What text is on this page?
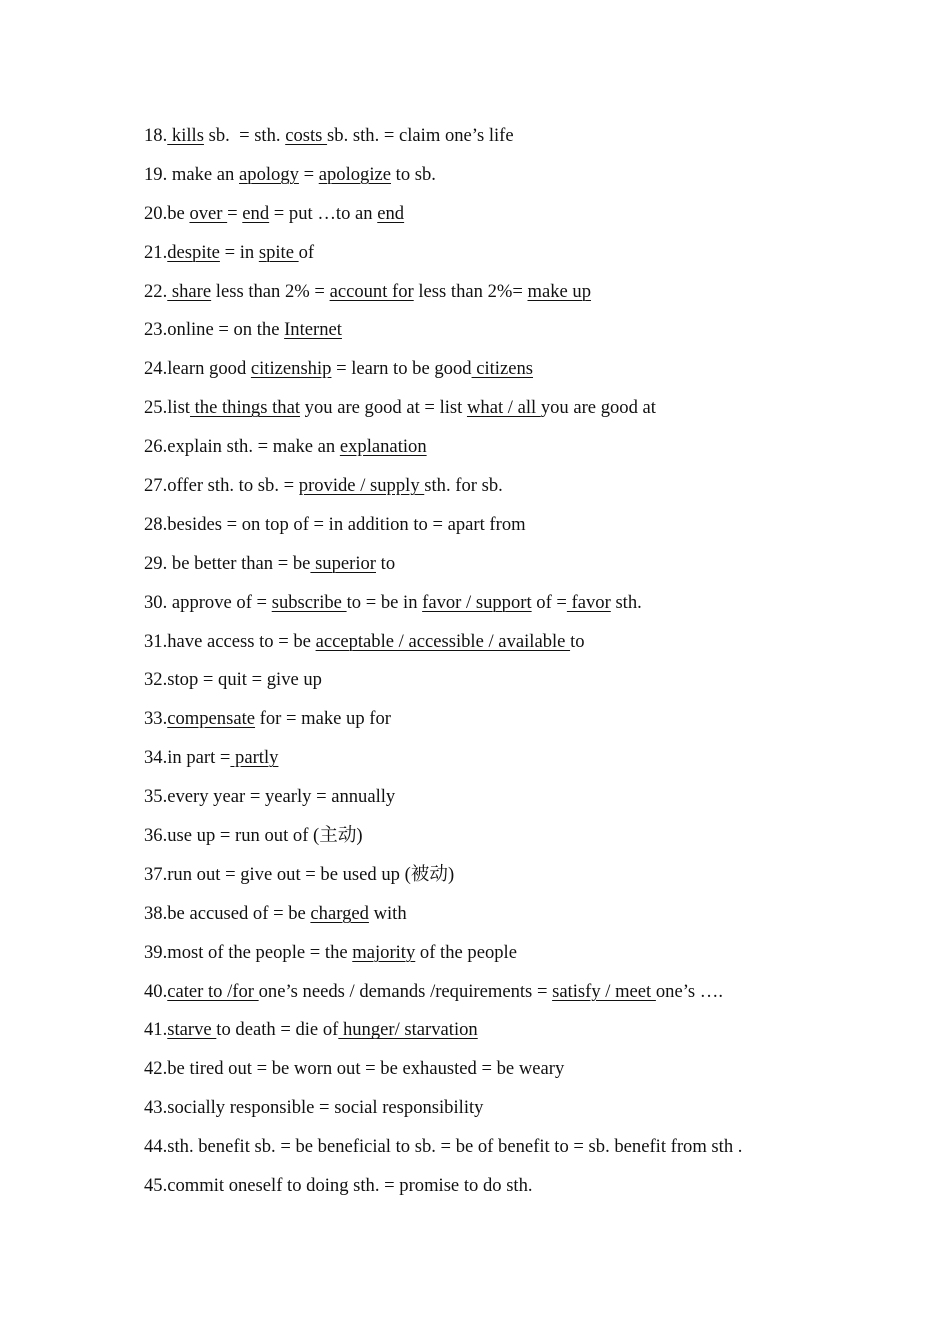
18. kills sb.  = sth. costs sb. sth. = claim one’s life
19. make an apology = apologize to sb.
20.be over = end = put …to an end
21.despite = in spite of
22. share less than 2% = account for less than 2%= make up
23.online = on the Internet
24.learn good citizenship = learn to be good citizens
25.list the things that you are good at = list what / all you are good at
26.explain sth. = make an explanation
27.offer sth. to sb. = provide / supply sth. for sb.
28.besides = on top of = in addition to = apart from
29. be better than = be superior to
30. approve of = subscribe to = be in favor / support of = favor sth.
31.have access to = be acceptable / accessible / available to
32.stop = quit = give up
33.compensate for = make up for
34.in part = partly
35.every year = yearly = annually
36.use up = run out of (主动)
37.run out = give out = be used up (被动)
38.be accused of = be charged with
39.most of the people = the majority of the people
40.cater to /for one’s needs / demands /requirements = satisfy / meet one’s ….
41.starve to death = die of hunger/ starvation
42.be tired out = be worn out = be exhausted = be weary
43.socially responsible = social responsibility
44.sth. benefit sb. = be beneficial to sb. = be of benefit to = sb. benefit from sth .
45.commit oneself to doing sth. = promise to do sth.
